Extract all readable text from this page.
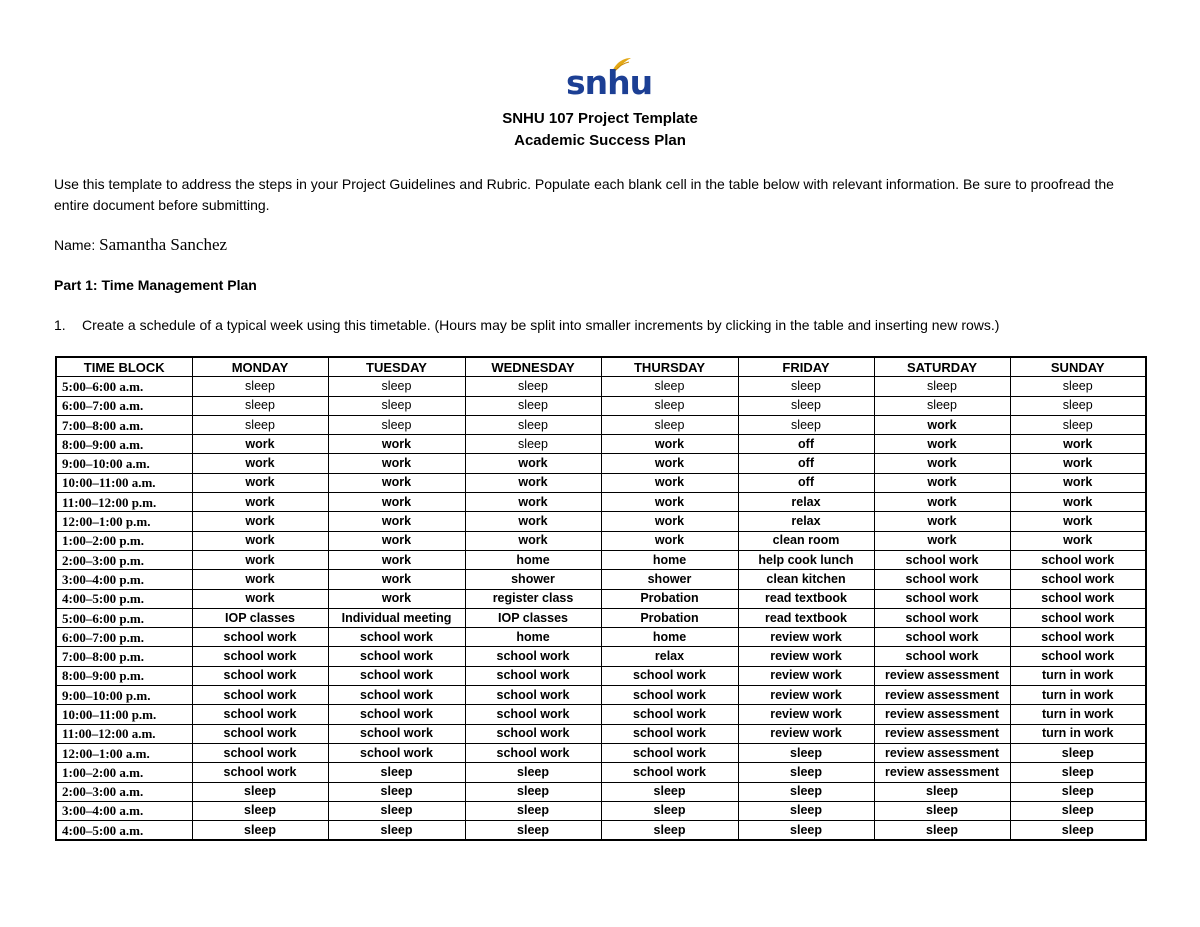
snhu
SNHU 107 Project Template
Academic Success Plan
Use this template to address the steps in your Project Guidelines and Rubric. Populate each blank cell in the table below with relevant information. Be sure to proofread the entire document before submitting.
Name: Samantha Sanchez
Part 1: Time Management Plan
1. Create a schedule of a typical week using this timetable. (Hours may be split into smaller increments by clicking in the table and inserting new rows.)
TIME BLOCK	MONDAY	TUESDAY	WEDNESDAY	THURSDAY	FRIDAY	SATURDAY	SUNDAY
5:00–6:00 a.m.	sleep	sleep	sleep	sleep	sleep	sleep	sleep
6:00–7:00 a.m.	sleep	sleep	sleep	sleep	sleep	sleep	sleep
7:00–8:00 a.m.	sleep	sleep	sleep	sleep	sleep	work	sleep
8:00–9:00 a.m.	work	work	sleep	work	off	work	work
9:00–10:00 a.m.	work	work	work	work	off	work	work
10:00–11:00 a.m.	work	work	work	work	off	work	work
11:00–12:00 p.m.	work	work	work	work	relax	work	work
12:00–1:00 p.m.	work	work	work	work	relax	work	work
1:00–2:00 p.m.	work	work	work	work	clean room	work	work
2:00–3:00 p.m.	work	work	home	home	help cook lunch	school work	school work
3:00–4:00 p.m.	work	work	shower	shower	clean kitchen	school work	school work
4:00–5:00 p.m.	work	work	register class	Probation	read textbook	school work	school work
5:00–6:00 p.m.	IOP classes	Individual meeting	IOP classes	Probation	read textbook	school work	school work
6:00–7:00 p.m.	school work	school work	home	home	review work	school work	school work
7:00–8:00 p.m.	school work	school work	school work	relax	review work	school work	school work
8:00–9:00 p.m.	school work	school work	school work	school work	review work	review assessment	turn in work
9:00–10:00 p.m.	school work	school work	school work	school work	review work	review assessment	turn in work
10:00–11:00 p.m.	school work	school work	school work	school work	review work	review assessment	turn in work
11:00–12:00 a.m.	school work	school work	school work	school work	review work	review assessment	turn in work
12:00–1:00 a.m.	school work	school work	school work	school work	sleep	review assessment	sleep
1:00–2:00 a.m.	school work	sleep	sleep	school work	sleep	review assessment	sleep
2:00–3:00 a.m.	sleep	sleep	sleep	sleep	sleep	sleep	sleep
3:00–4:00 a.m.	sleep	sleep	sleep	sleep	sleep	sleep	sleep
4:00–5:00 a.m.	sleep	sleep	sleep	sleep	sleep	sleep	sleep
